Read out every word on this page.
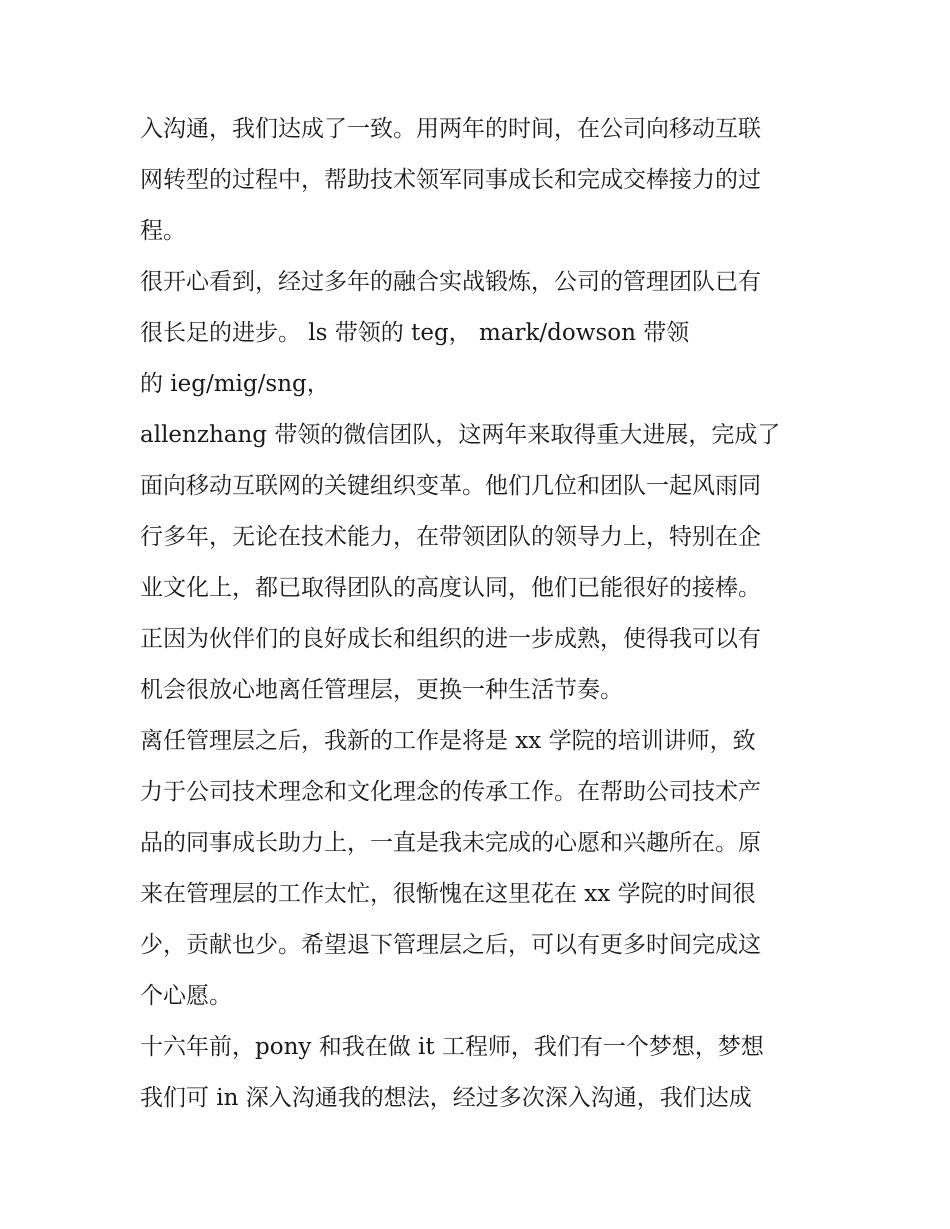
入沟通，我们达成了一致。用两年的时间，在公司向移动互联
网转型的过程中，帮助技术领军同事成长和完成交棒接力的过
程。
很开心看到，经过多年的融合实战锻炼，公司的管理团队已有
很长足的进步。 ls 带领的 teg， mark/dowson 带领
的 ieg/mig/sng，
allenzhang 带领的微信团队，这两年来取得重大进展，完成了
面向移动互联网的关键组织变革。他们几位和团队一起风雨同
行多年，无论在技术能力，在带领团队的领导力上，特别在企
业文化上，都已取得团队的高度认同，他们已能很好的接棒。
正因为伙伴们的良好成长和组织的进一步成熟，使得我可以有
机会很放心地离任管理层，更换一种生活节奏。
离任管理层之后，我新的工作是将是 xx 学院的培训讲师，致
力于公司技术理念和文化理念的传承工作。在帮助公司技术产
品的同事成长助力上，一直是我未完成的心愿和兴趣所在。原
来在管理层的工作太忙，很惭愧在这里花在 xx 学院的时间很
少，贡献也少。希望退下管理层之后，可以有更多时间完成这
个心愿。
十六年前，pony 和我在做 it 工程师，我们有一个梦想，梦想
我们可 in 深入沟通我的想法，经过多次深入沟通，我们达成
